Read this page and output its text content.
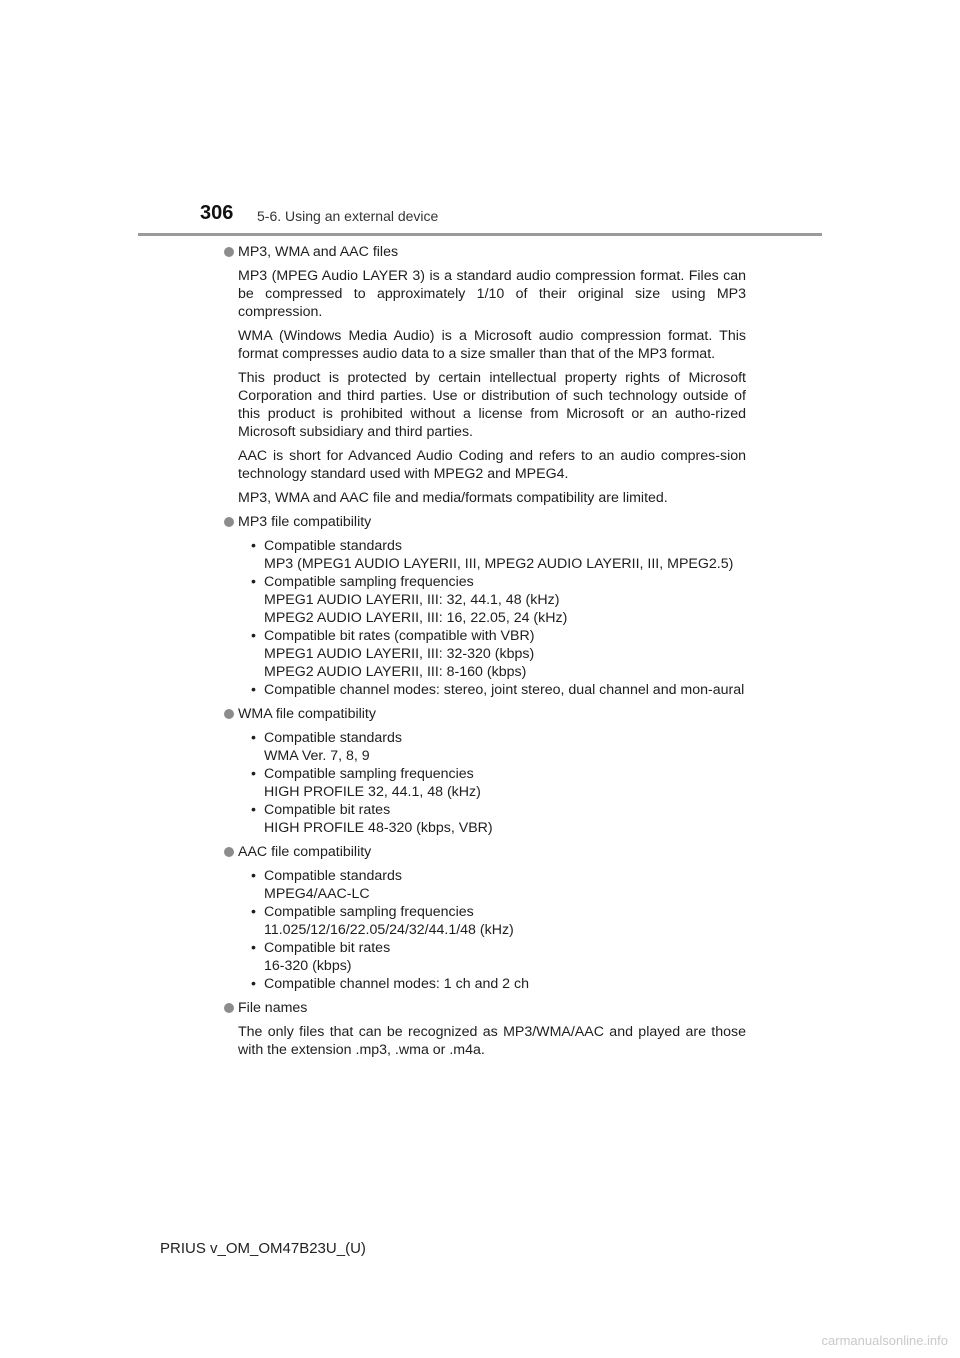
306 5-6. Using an external device
MP3, WMA and AAC files

MP3 (MPEG Audio LAYER 3) is a standard audio compression format. Files can be compressed to approximately 1/10 of their original size using MP3 compression.

WMA (Windows Media Audio) is a Microsoft audio compression format. This format compresses audio data to a size smaller than that of the MP3 format.

This product is protected by certain intellectual property rights of Microsoft Corporation and third parties. Use or distribution of such technology outside of this product is prohibited without a license from Microsoft or an autho-rized Microsoft subsidiary and third parties.

AAC is short for Advanced Audio Coding and refers to an audio compres-sion technology standard used with MPEG2 and MPEG4.

MP3, WMA and AAC file and media/formats compatibility are limited.

MP3 file compatibility
• Compatible standards
MP3 (MPEG1 AUDIO LAYERII, III, MPEG2 AUDIO LAYERII, III, MPEG2.5)
• Compatible sampling frequencies
MPEG1 AUDIO LAYERII, III: 32, 44.1, 48 (kHz)
MPEG2 AUDIO LAYERII, III: 16, 22.05, 24 (kHz)
• Compatible bit rates (compatible with VBR)
MPEG1 AUDIO LAYERII, III: 32-320 (kbps)
MPEG2 AUDIO LAYERII, III: 8-160 (kbps)
• Compatible channel modes: stereo, joint stereo, dual channel and mon-aural
WMA file compatibility
• Compatible standards
WMA Ver. 7, 8, 9
• Compatible sampling frequencies
HIGH PROFILE 32, 44.1, 48 (kHz)
• Compatible bit rates
HIGH PROFILE 48-320 (kbps, VBR)
AAC file compatibility
• Compatible standards
MPEG4/AAC-LC
• Compatible sampling frequencies
11.025/12/16/22.05/24/32/44.1/48 (kHz)
• Compatible bit rates
16-320 (kbps)
• Compatible channel modes: 1 ch and 2 ch
File names

The only files that can be recognized as MP3/WMA/AAC and played are those with the extension .mp3, .wma or .m4a.

PRIUS v_OM_OM47B23U_(U)
carmanualsonline.info
